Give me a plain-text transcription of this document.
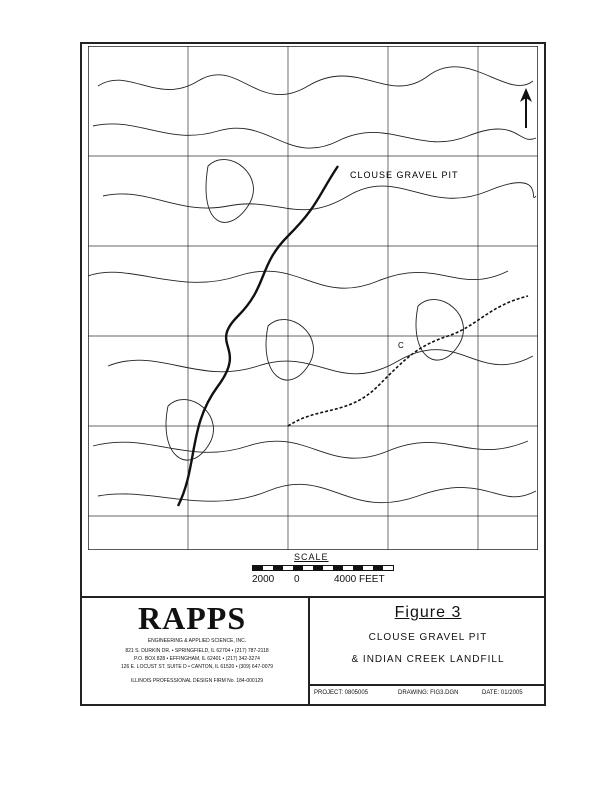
CLOUSE GRAVEL PIT
C
SCALE
2000 0	4000 FEET
RAPPS
ENGINEERING & APPLIED SCIENCE, INC.
821 S. DURKIN DR. • SPRINGFIELD, IL 62704 • (217) 787-2118
P.O. BOX 828 • EFFINGHAM, IL 62401 • (217) 342-3274
126 E. LOCUST ST. SUITE D • CANTON, IL 61520 • (309) 647-0079
ILLINOIS PROFESSIONAL DESIGN FIRM No. 184-000129
Figure 3
CLOUSE GRAVEL PIT
& INDIAN CREEK LANDFILL
PROJECT: 0805005	DRAWING: FIG3.DGN	DATE: 01/2005
